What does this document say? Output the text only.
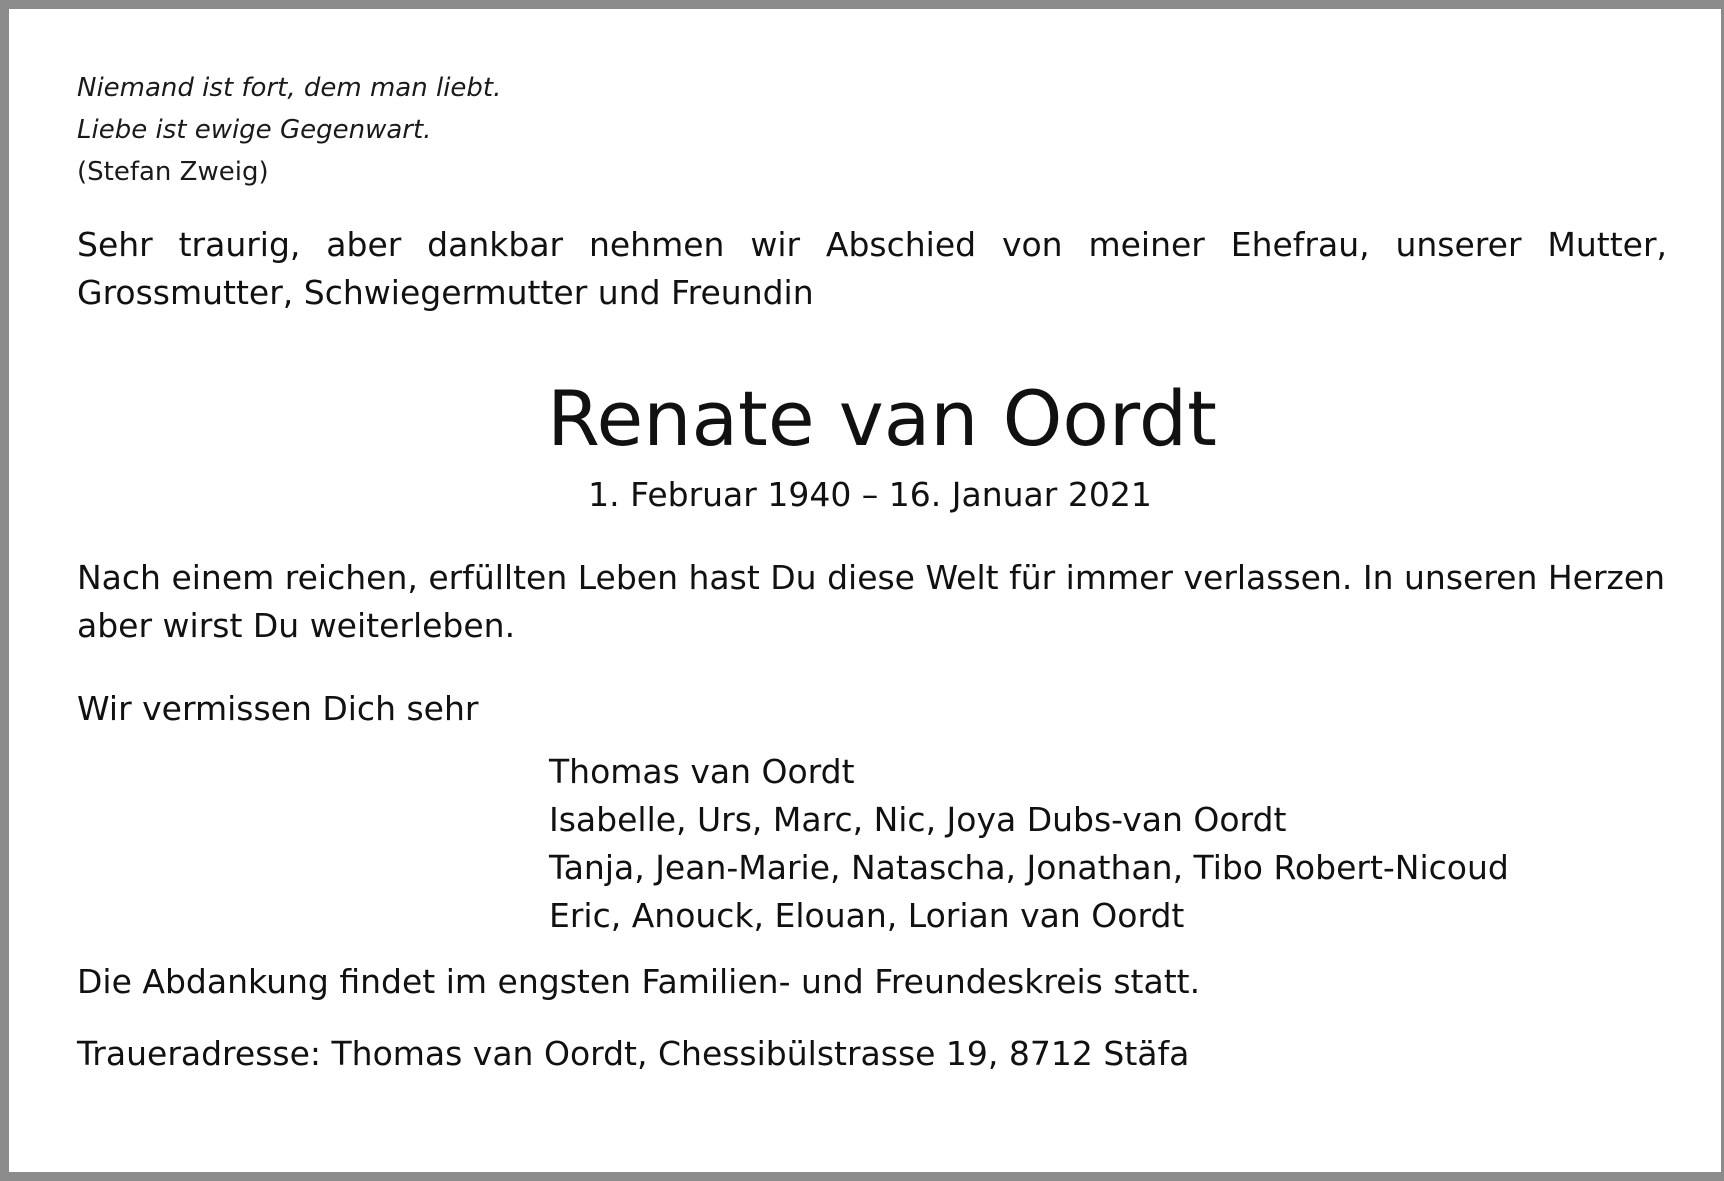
Niemand ist fort, dem man liebt.
Liebe ist ewige Gegenwart.
(Stefan Zweig)
Sehr traurig, aber dankbar nehmen wir Abschied von meiner Ehefrau, unserer Mutter, Grossmutter, Schwiegermutter und Freundin
Renate van Oordt
1. Februar 1940 – 16. Januar 2021
Nach einem reichen, erfüllten Leben hast Du diese Welt für immer verlassen. In unseren Herzen aber wirst Du weiterleben.
Wir vermissen Dich sehr
Thomas van Oordt
Isabelle, Urs, Marc, Nic, Joya Dubs-van Oordt
Tanja, Jean-Marie, Natascha, Jonathan, Tibo Robert-Nicoud
Eric, Anouck, Elouan, Lorian van Oordt
Die Abdankung findet im engsten Familien- und Freundeskreis statt.
Traueradresse: Thomas van Oordt, Chessibülstrasse 19, 8712 Stäfa
